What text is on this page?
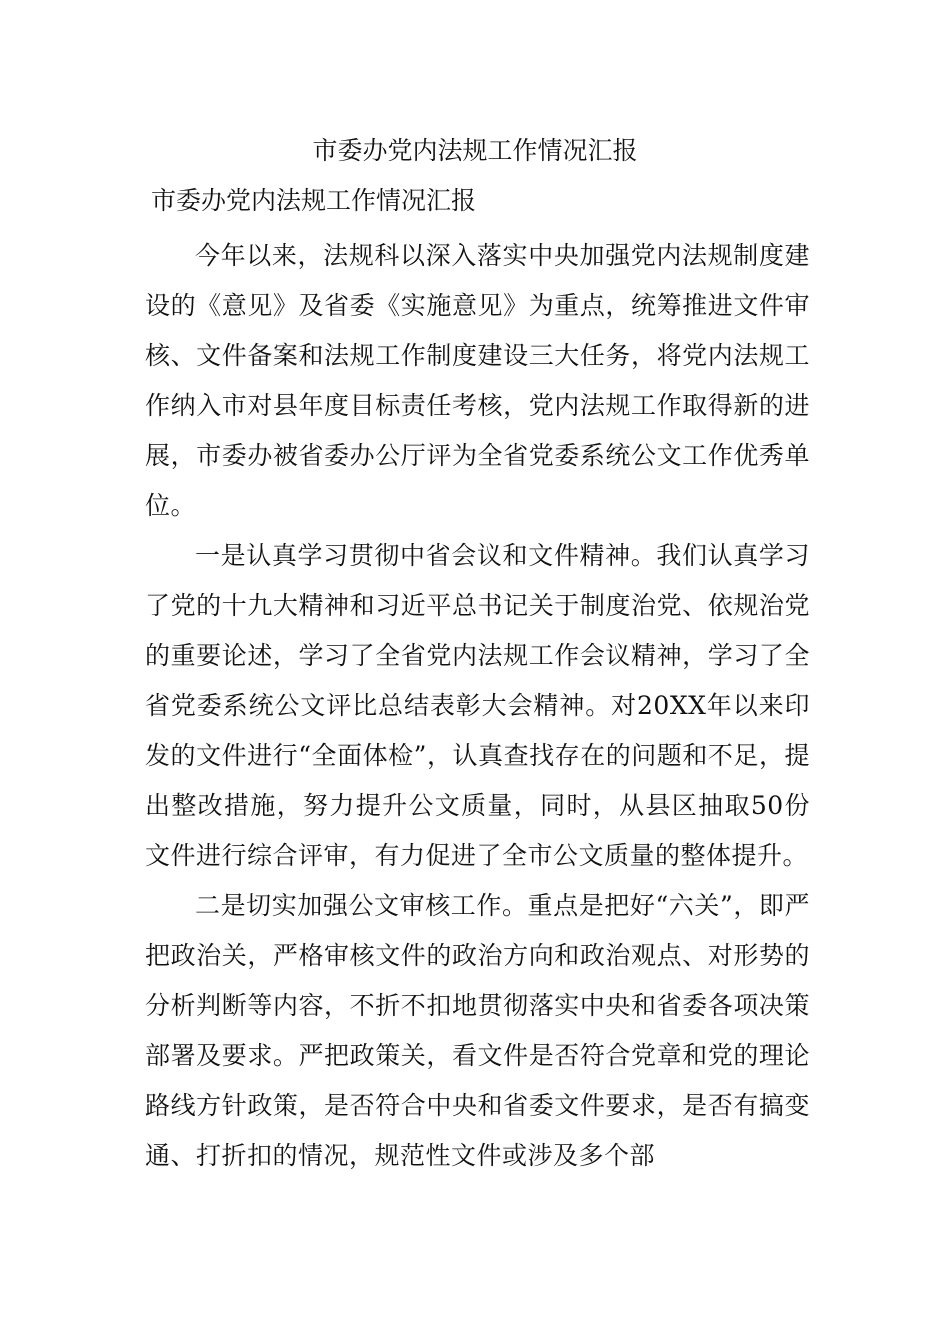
市委办党内法规工作情况汇报
市委办党内法规工作情况汇报

今年以来，法规科以深入落实中央加强党内法规制度建设的《意见》及省委《实施意见》为重点，统筹推进文件审核、文件备案和法规工作制度建设三大任务，将党内法规工作纳入市对县年度目标责任考核，党内法规工作取得新的进展，市委办被省委办公厅评为全省党委系统公文工作优秀单位。

一是认真学习贯彻中省会议和文件精神。我们认真学习了党的十九大精神和习近平总书记关于制度治党、依规治党的重要论述，学习了全省党内法规工作会议精神，学习了全省党委系统公文评比总结表彰大会精神。对20XX年以来印发的文件进行“全面体检”，认真查找存在的问题和不足，提出整改措施，努力提升公文质量，同时，从县区抽取50份文件进行综合评审，有力促进了全市公文质量的整体提升。

二是切实加强公文审核工作。重点是把好“六关”，即严把政治关，严格审核文件的政治方向和政治观点、对形势的分析判断等内容，不折不扣地贯彻落实中央和省委各项决策部署及要求。严把政策关，看文件是否符合党章和党的理论路线方针政策，是否符合中央和省委文件要求，是否有搞变通、打折扣的情况，规范性文件或涉及多个部
